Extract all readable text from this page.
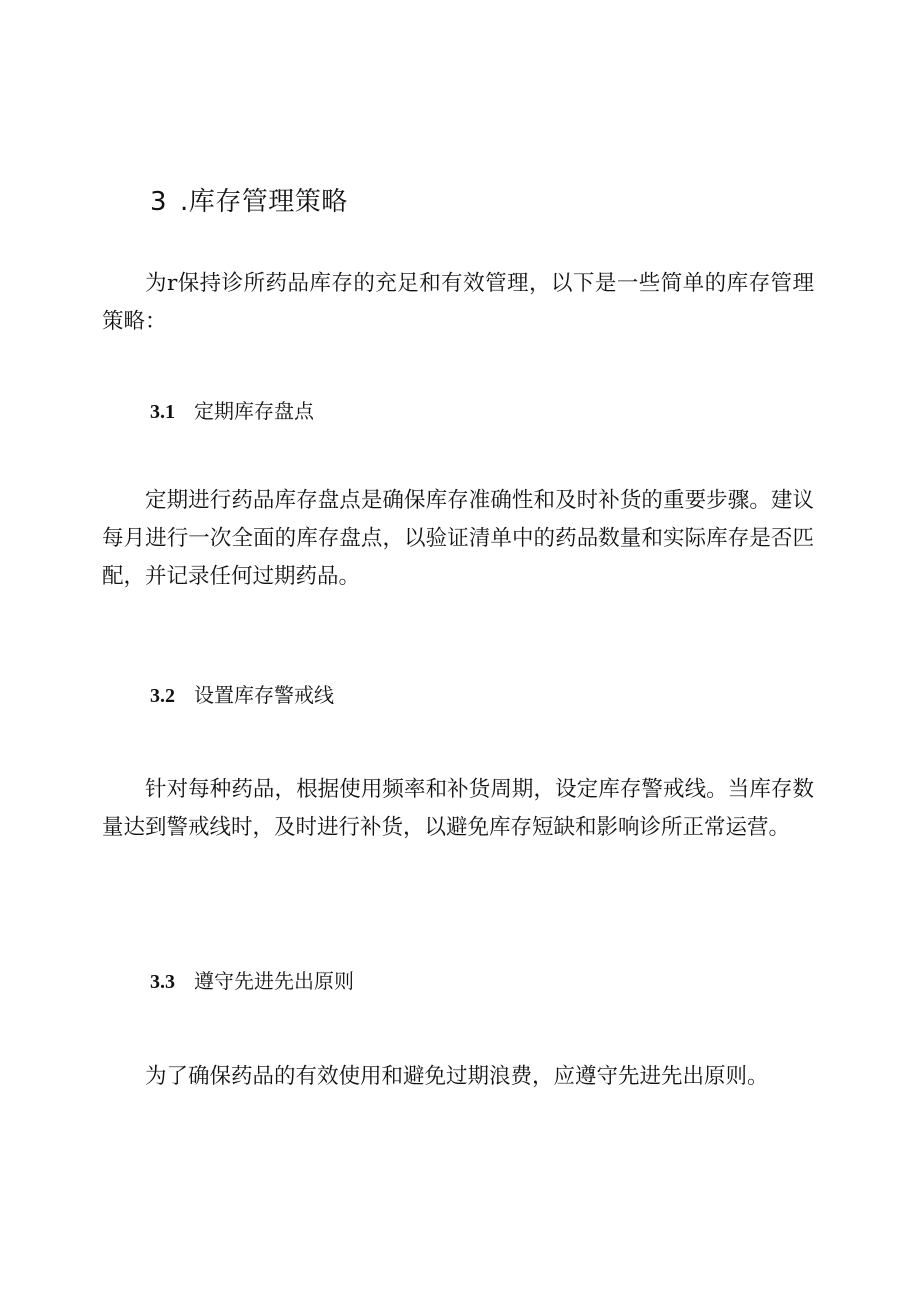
3 .库存管理策略

为r保持诊所药品库存的充足和有效管理，以下是一些简单的库存管理策略：

3.1 定期库存盘点

定期进行药品库存盘点是确保库存准确性和及时补货的重要步骤。建议每月进行一次全面的库存盘点，以验证清单中的药品数量和实际库存是否匹配，并记录任何过期药品。

3.2 设置库存警戒线

针对每种药品，根据使用频率和补货周期，设定库存警戒线。当库存数量达到警戒线时，及时进行补货，以避免库存短缺和影响诊所正常运营。

3.3 遵守先进先出原则

为了确保药品的有效使用和避免过期浪费，应遵守先进先出原则。
